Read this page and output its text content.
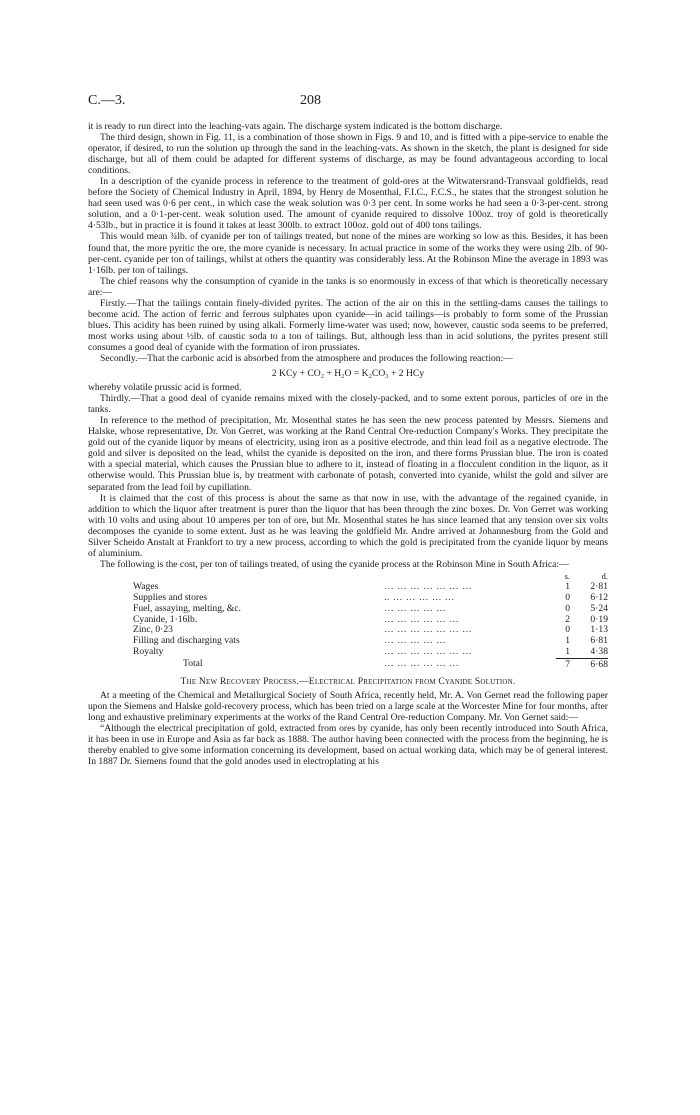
C.—3.	208

it is ready to run direct into the leaching-vats again. The discharge system indicated is the bottom discharge.

The third design, shown in Fig. 11, is a combination of those shown in Figs. 9 and 10, and is fitted with a pipe-service to enable the operator, if desired, to run the solution up through the sand in the leaching-vats. As shown in the sketch, the plant is designed for side discharge, but all of them could be adapted for different systems of discharge, as may be found advantageous according to local conditions.

In a description of the cyanide process in reference to the treatment of gold-ores at the Witwatersrand-Transvaal goldfields, read before the Society of Chemical Industry in April, 1894, by Henry de Mosenthal, F.I.C., F.C.S., he states that the strongest solution he had seen used was 0·6 per cent., in which case the weak solution was 0·3 per cent. In some works he had seen a 0·3-per-cent. strong solution, and a 0·1-per-cent. weak solution used. The amount of cyanide required to dissolve 100oz. troy of gold is theoretically 4·53lb., but in practice it is found it takes at least 300lb. to extract 100oz. gold out of 400 tons tailings.

This would mean ¾lb. of cyanide per ton of tailings treated, but none of the mines are working so low as this. Besides, it has been found that, the more pyritic the ore, the more cyanide is necessary. In actual practice in some of the works they were using 2lb. of 90-per-cent. cyanide per ton of tailings, whilst at others the quantity was considerably less. At the Robinson Mine the average in 1893 was 1·16lb. per ton of tailings.

The chief reasons why the consumption of cyanide in the tanks is so enormously in excess of that which is theoretically necessary are:—

Firstly.—That the tailings contain finely-divided pyrites. The action of the air on this in the settling-dams causes the tailings to become acid. The action of ferric and ferrous sulphates upon cyanide—in acid tailings—is probably to form some of the Prussian blues. This acidity has been ruined by using alkali. Formerly lime-water was used; now, however, caustic soda seems to be preferred, most works using about ½lb. of caustic soda to a ton of tailings. But, although less than in acid solutions, the pyrites present still consumes a good deal of cyanide with the formation of iron prussiates.

Secondly.—That the carbonic acid is absorbed from the atmosphere and produces the following reaction:—

2 KCy + CO₂ + H₂O = K₂CO₃ + 2 HCy

whereby volatile prussic acid is formed.

Thirdly.—That a good deal of cyanide remains mixed with the closely-packed, and to some extent porous, particles of ore in the tanks.

In reference to the method of precipitation, Mr. Mosenthal states he has seen the new process patented by Messrs. Siemens and Halske, whose representative, Dr. Von Gerret, was working at the Rand Central Ore-reduction Company's Works. They precipitate the gold out of the cyanide liquor by means of electricity, using iron as a positive electrode, and thin lead foil as a negative electrode. The gold and silver is deposited on the lead, whilst the cyanide is deposited on the iron, and there forms Prussian blue. The iron is coated with a special material, which causes the Prussian blue to adhere to it, instead of floating in a flocculent condition in the liquor, as it otherwise would. This Prussian blue is, by treatment with carbonate of potash, converted into cyanide, whilst the gold and silver are separated from the lead foil by cupillation.

It is claimed that the cost of this process is about the same as that now in use, with the advantage of the regained cyanide, in addition to which the liquor after treatment is purer than the liquor that has been through the zinc boxes. Dr. Von Gerret was working with 10 volts and using about 10 amperes per ton of ore, but Mr. Mosenthal states he has since learned that any tension over six volts decomposes the cyanide to some extent. Just as he was leaving the goldfield Mr. Andre arrived at Johannesburg from the Gold and Silver Scheido Anstalt at Frankfort to try a new process, according to which the gold is precipitated from the cyanide liquor by means of aluminium.

The following is the cost, per ton of tailings treated, of using the cyanide process at the Robinson Mine in South Africa:—

		s.	d.
Wages	… … … … … … …	1	2·81
Supplies and stores	.. … … … … …	0	6·12
Fuel, assaying, melting, &c.	… … … … …	0	5·24
Cyanide, 1·16lb.	… … … … … …	2	0·19
Zinc, 0·23	… … … … … … …	0	1·13
Filling and discharging vats	… … … … …	1	6·81
Royalty	… … … … … … …	1	4·38
Total	… … … … … …	7	6·68
The New Recovery Process.—Electrical Precipitation from Cyanide Solution.

At a meeting of the Chemical and Metallurgical Society of South Africa, recently held, Mr. A. Von Gernet read the following paper upon the Siemens and Halske gold-recovery process, which has been tried on a large scale at the Worcester Mine for four months, after long and exhaustive preliminary experiments at the works of the Rand Central Ore-reduction Company. Mr. Von Gernet said:—

“Although the electrical precipitation of gold, extracted from ores by cyanide, has only been recently introduced into South Africa, it has been in use in Europe and Asia as far back as 1888. The author having been connected with the process from the beginning, he is thereby enabled to give some information concerning its development, based on actual working data, which may be of general interest. In 1887 Dr. Siemens found that the gold anodes used in electroplating at his
